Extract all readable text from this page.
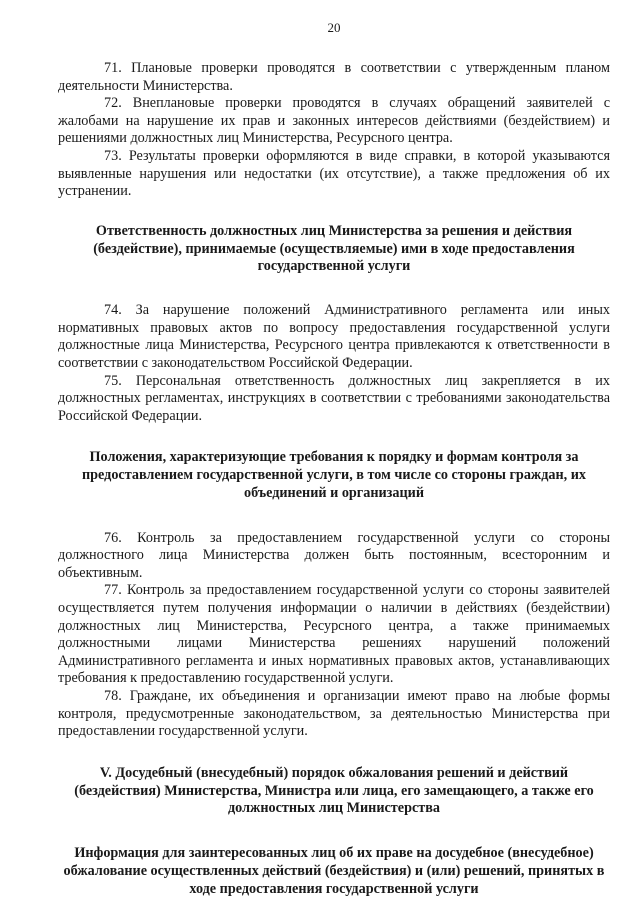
20

71. Плановые проверки проводятся в соответствии с утвержденным планом деятельности Министерства.

72. Внеплановые проверки проводятся в случаях обращений заявителей с жалобами на нарушение их прав и законных интересов действиями (бездействием) и решениями должностных лиц Министерства, Ресурсного центра.

73. Результаты проверки оформляются в виде справки, в которой указываются выявленные нарушения или недостатки (их отсутствие), а также предложения об их устранении.

Ответственность должностных лиц Министерства за решения и действия (бездействие), принимаемые (осуществляемые) ими в ходе предоставления государственной услуги

74. За нарушение положений Административного регламента или иных нормативных правовых актов по вопросу предоставления государственной услуги должностные лица Министерства, Ресурсного центра привлекаются к ответственности в соответствии с законодательством Российской Федерации.

75. Персональная ответственность должностных лиц закрепляется в их должностных регламентах, инструкциях в соответствии с требованиями законодательства Российской Федерации.

Положения, характеризующие требования к порядку и формам контроля за предоставлением государственной услуги, в том числе со стороны граждан, их объединений и организаций

76. Контроль за предоставлением государственной услуги со стороны должностного лица Министерства должен быть постоянным, всесторонним и объективным.

77. Контроль за предоставлением государственной услуги со стороны заявителей осуществляется путем получения информации о наличии в действиях (бездействии) должностных лиц Министерства, Ресурсного центра, а также принимаемых должностными лицами Министерства решениях нарушений положений Административного регламента и иных нормативных правовых актов, устанавливающих требования к предоставлению государственной услуги.

78. Граждане, их объединения и организации имеют право на любые формы контроля, предусмотренные законодательством, за деятельностью Министерства при предоставлении государственной услуги.

V. Досудебный (внесудебный) порядок обжалования решений и действий (бездействия) Министерства, Министра или лица, его замещающего, а также его должностных лиц Министерства

Информация для заинтересованных лиц об их праве на досудебное (внесудебное) обжалование осуществленных действий (бездействия) и (или) решений, принятых в ходе предоставления государственной услуги
